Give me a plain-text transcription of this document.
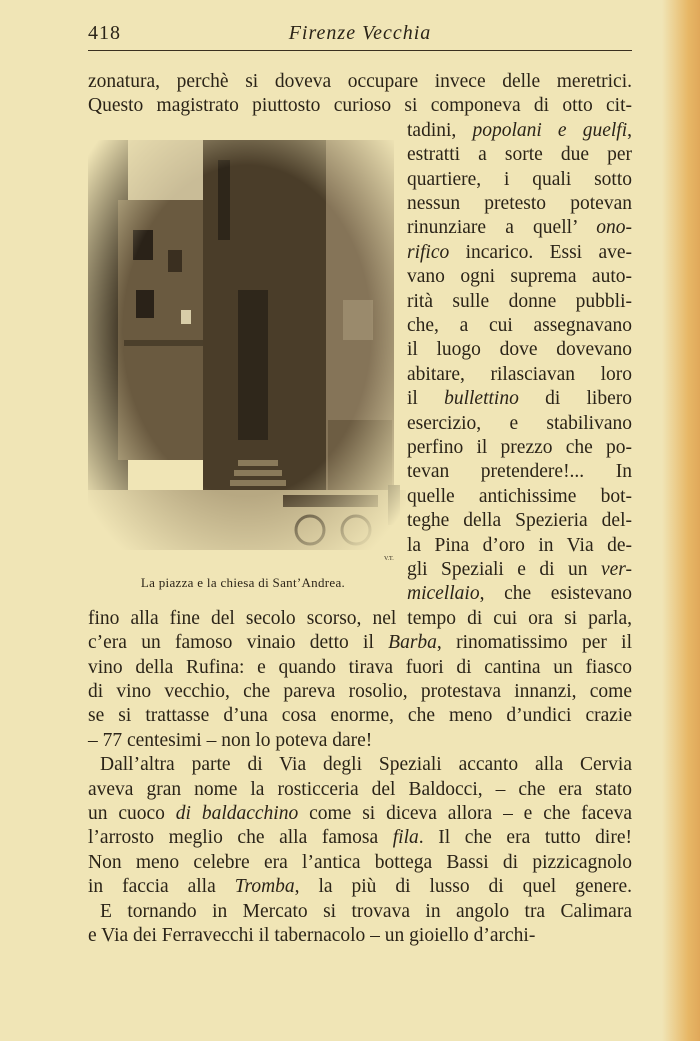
418	Firenze Vecchia
V.T.
La piazza e la chiesa di Sant’Andrea.
zonatura, perchè si doveva occupare invece delle meretrici.
Questo magistrato piuttosto curioso si componeva di otto cit-
tadini, popolani e guelfi,
estratti a sorte due per
quartiere, i quali sotto
nessun pretesto potevan
rinunziare a quell’ ono-
rifico incarico. Essi ave-
vano ogni suprema auto-
rità sulle donne pubbli-
che, a cui assegnavano
il luogo dove dovevano
abitare, rilasciavan loro
il bullettino di libero
esercizio, e stabilivano
perfino il prezzo che po-
tevan pretendere!... In
quelle antichissime bot-
teghe della Spezieria del-
la Pina d’oro in Via de-
gli Speziali e di un ver-
micellaio, che esistevano
fino alla fine del secolo scorso, nel tempo di cui ora si parla,
c’era un famoso vinaio detto il Barba, rinomatissimo per il
vino della Rufina: e quando tirava fuori di cantina un fiasco
di vino vecchio, che pareva rosolio, protestava innanzi, come
se si trattasse d’una cosa enorme, che meno d’undici crazie
– 77 centesimi – non lo poteva dare!
Dall’altra parte di Via degli Speziali accanto alla Cervia
aveva gran nome la rosticceria del Baldocci, – che era stato
un cuoco di baldacchino come si diceva allora – e che faceva
l’arrosto meglio che alla famosa fila. Il che era tutto dire!
Non meno celebre era l’antica bottega Bassi di pizzicagnolo
in faccia alla Tromba, la più di lusso di quel genere.
E tornando in Mercato si trovava in angolo tra Calimara
e Via dei Ferravecchi il tabernacolo – un gioiello d’archi-
